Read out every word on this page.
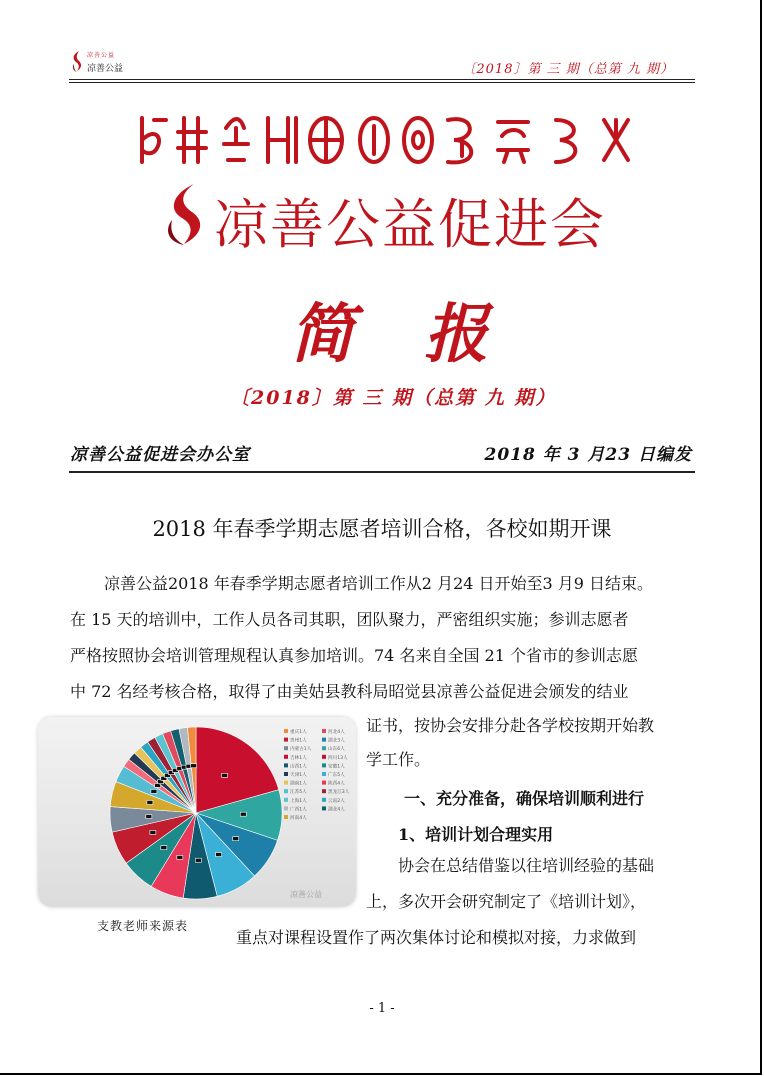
凉善公益
凉善公益	〔2018〕第 三 期（总第 九 期）
凉善公益促进会
简报
〔2018〕第 三 期（总第 九 期）
凉善公益促进会办公室	2018 年 3 月23 日编发
2018 年春季学期志愿者培训合格，各校如期开课
凉善公益2018 年春季学期志愿者培训工作从2 月24 日开始至3 月9 日结束。
在 15 天的培训中，工作人员各司其职，团队聚力，严密组织实施；参训志愿者
严格按照协会培训管理规程认真参加培训。74 名来自全国 21 个省市的参训志愿
中 72 名经考核合格，取得了由美姑县教科局昭觉县凉善公益促进会颁发的结业
证书，按协会安排分赴各学校按期开始教
学工作。
一、充分准备，确保培训顺利进行
1、培训计划合理实用
协会在总结借鉴以往培训经验的基础
上，多次开会研究制定了《培训计划》，
重点对课程设置作了两次集体讨论和模拟对接，力求做到
重庆1人	河北4人
贵州1人	湖北3人
内蒙古1人	山东6人
吉林1人	四川13人
山西1人	安徽1人
天津1人	广东5人
湖南1人	陕西4人
江苏5人	黑龙江3人
上海1人	云南2人
广西1人	湖北4人
河南4人
凉善公益
支教老师来源表
- 1 -
